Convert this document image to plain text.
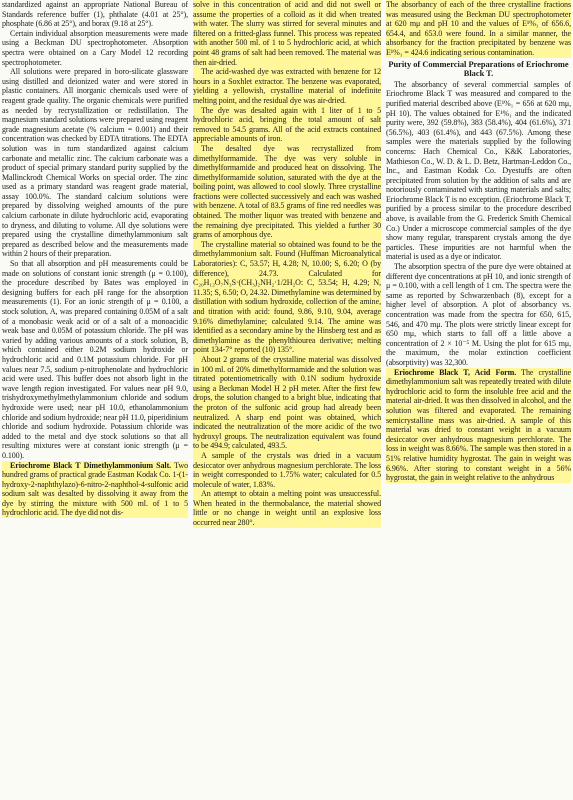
standardized against an appropriate National Bureau of Standards reference buffer (1), phthalate (4.01 at 25°), phosphate (6.86 at 25°), and borax (9.18 at 25°).

Certain individual absorption measurements were made using a Beckman DU spectrophotometer. Absorption spectra were obtained on a Cary Model 12 recording spectrophotometer.

All solutions were prepared in boro-silicate glassware using distilled and deionized water and were stored in plastic containers. All inorganic chemicals used were of reagent grade quality. The organic chemicals were purified as needed by recrystallization or redistillation. The magnesium standard solutions were prepared using reagent grade magnesium acetate (% calcium = 0.001) and their concentration was checked by EDTA titrations. The EDTA solution was in turn standardized against calcium carbonate and metallic zinc. The calcium carbonate was a product of special primary standard purity supplied by the Mallinckrodt Chemical Works on special order. The zinc used as a primary standard was reagent grade material, assay 100.0%. The standard calcium solutions were prepared by dissolving weighed amounts of the pure calcium carbonate in dilute hydrochloric acid, evaporating to dryness, and diluting to volume. All dye solutions were prepared using the crystalline dimethylammonium salt prepared as described below and the measurements made within 2 hours of their preparation.

So that all absorption and pH measurements could be made on solutions of constant ionic strength (μ = 0.100), the procedure described by Bates was employed in designing buffers for each pH range for the absorption measurements (1). For an ionic strength of μ = 0.100, a stock solution, A, was prepared containing 0.05M of a salt of a monobasic weak acid or of a salt of a monoacidic weak base and 0.05M of potassium chloride. The pH was varied by adding various amounts of a stock solution, B, which contained either 0.2M sodium hydroxide or hydrochloric acid and 0.1M potassium chloride. For pH values near 7.5, sodium p-nitrophenolate and hydrochloric acid were used. This buffer does not absorb light in the wave length region investigated. For values near pH 9.0, trishydroxymethylmethylammonium chloride and sodium hydroxide were used; near pH 10.0, ethanolammonium chloride and sodium hydroxide; near pH 11.0, piperidinium chloride and sodium hydroxide. Potassium chloride was added to the metal and dye stock solutions so that all resulting mixtures were at constant ionic strength (μ = 0.100).

Eriochrome Black T Dimethylammonium Salt. Two hundred grams of practical grade Eastman Kodak Co. 1-(1-hydroxy-2-naphthylazo)-6-nitro-2-naphthol-4-sulfonic acid sodium salt was desalted by dissolving it away from the dye by stirring the mixture with 500 ml. of 1 to 5 hydrochloric acid. The dye did not dis-

solve in this concentration of acid and did not swell or assume the properties of a colloid as it did when treated with water. The slurry was stirred for several minutes and filtered on a fritted-glass funnel. This process was repeated with another 500 ml. of 1 to 5 hydrochloric acid, at which point 48 grams of salt had been removed. The material was then air-dried.

The acid-washed dye was extracted with benzene for 12 hours in a Soxhlet extractor. The benzene was evaporated, yielding a yellowish, crystalline material of indefinite melting point, and the residual dye was air-dried.

The dye was desalted again with 1 liter of 1 to 5 hydrochloric acid, bringing the total amount of salt removed to 54.5 grams. All of the acid extracts contained appreciable amounts of iron.

The desalted dye was recrystallized from dimethylformamide. The dye was very soluble in dimethylformamide and produced heat on dissolving. The dimethylformamide solution, saturated with the dye at the boiling point, was allowed to cool slowly. Three crystalline fractions were collected successively and each was washed with benzene. A total of 83.5 grams of fine red needles was obtained. The mother liquor was treated with benzene and the remaining dye precipitated. This yielded a further 30 grams of amorphous dye.

The crystalline material so obtained was found to be the dimethylammonium salt. Found (Huffman Microanalytical Laboratories): C, 53.57; H, 4.28; N, 10.00; S, 6.20; O (by difference), 24.73. Calculated for C₂₀H₁₂O₇N₃S·(CH₃)₂NH₂·1/2H₂O: C, 53.54; H, 4.29; N, 11.35; S, 6.50; O, 24.32. Dimethylamine was determined by distillation with sodium hydroxide, collection of the amine, and titration with acid: found, 9.86, 9.10, 9.04, average 9.16% dimethylamine; calculated 9.14. The amine was identified as a secondary amine by the Hinsberg test and as dimethylamine as the phenylthiourea derivative; melting point 134-7° reported (10) 135°.

About 2 grams of the crystalline material was dissolved in 100 ml. of 20% dimethylformamide and the solution was titrated potentiometrically with 0.1N sodium hydroxide using a Beckman Model H 2 pH meter. After the first few drops, the solution changed to a bright blue, indicating that the proton of the sulfonic acid group had already been neutralized. A sharp end point was obtained, which indicated the neutralization of the more acidic of the two hydroxyl groups. The neutralization equivalent was found to be 494.9; calculated, 493.5.

A sample of the crystals was dried in a vacuum desiccator over anhydrous magnesium perchlorate. The loss in weight corresponded to 1.75% water; calculated for 0.5 molecule of water, 1.83%.

An attempt to obtain a melting point was unsuccessful. When heated in the thermobalance, the material showed little or no change in weight until an explosive loss occurred near 280°.

The absorbancy of each of the three crystalline fractions was measured using the Beckman DU spectrophotometer at 620 mμ and pH 10 and the values of E¹%₁ of 656.6, 654.4, and 653.0 were found. In a similar manner, the absorbancy for the fraction precipitated by benzene was E¹%₁ = 424.6 indicating serious contamination.

Purity of Commercial Preparations of Eriochrome Black T.

The absorbancy of several commercial samples of Eriochrome Black T was measured and compared to the purified material described above (E¹%₁ = 656 at 620 mμ, pH 10). The values obtained for E¹%₁ and the indicated purity were, 392 (59.8%), 383 (58.4%), 404 (61.6%), 371 (56.5%), 403 (61.4%), and 443 (67.5%). Among these samples were the materials supplied by the following concerns: Hach Chemical Co., K&K Laboratories, Mathieson Co., W. D. & L. D. Betz, Hartman-Leddon Co., Inc., and Eastman Kodak Co. Dyestuffs are often precipitated from solution by the addition of salts and are notoriously contaminated with starting materials and salts; Eriochrome Black T is no exception. (Eriochrome Black T, purified by a process similar to the procedure described above, is available from the G. Frederick Smith Chemical Co.) Under a microscope commercial samples of the dye show many regular, transparent crystals among the dye particles. These impurities are not harmful when the material is used as a dye or indicator.

The absorption spectra of the pure dye were obtained at different dye concentrations at pH 10, and ionic strength of μ = 0.100, with a cell length of 1 cm. The spectra were the same as reported by Schwarzenbach (8), except for a higher level of absorption. A plot of absorbancy vs. concentration was made from the spectra for 650, 615, 546, and 470 mμ. The plots were strictly linear except for 650 mμ, which starts to fall off a little above a concentration of 2 × 10⁻⁵ M. Using the plot for 615 mμ, the maximum, the molar extinction coefficient (absorptivity) was 32,300.

Eriochrome Black T, Acid Form. The crystalline dimethylammonium salt was repeatedly treated with dilute hydrochloric acid to form the insoluble free acid and the material air-dried. It was then dissolved in alcohol, and the solution was filtered and evaporated. The remaining semicrystalline mass was air-dried. A sample of this material was dried to constant weight in a vacuum desiccator over anhydrous magnesium perchlorate. The loss in weight was 8.66%. The sample was then stored in a 51% relative humidity hygrostat. The gain in weight was 6.96%. After storing to constant weight in a 56% hygrostat, the gain in weight relative to the anhydrous
